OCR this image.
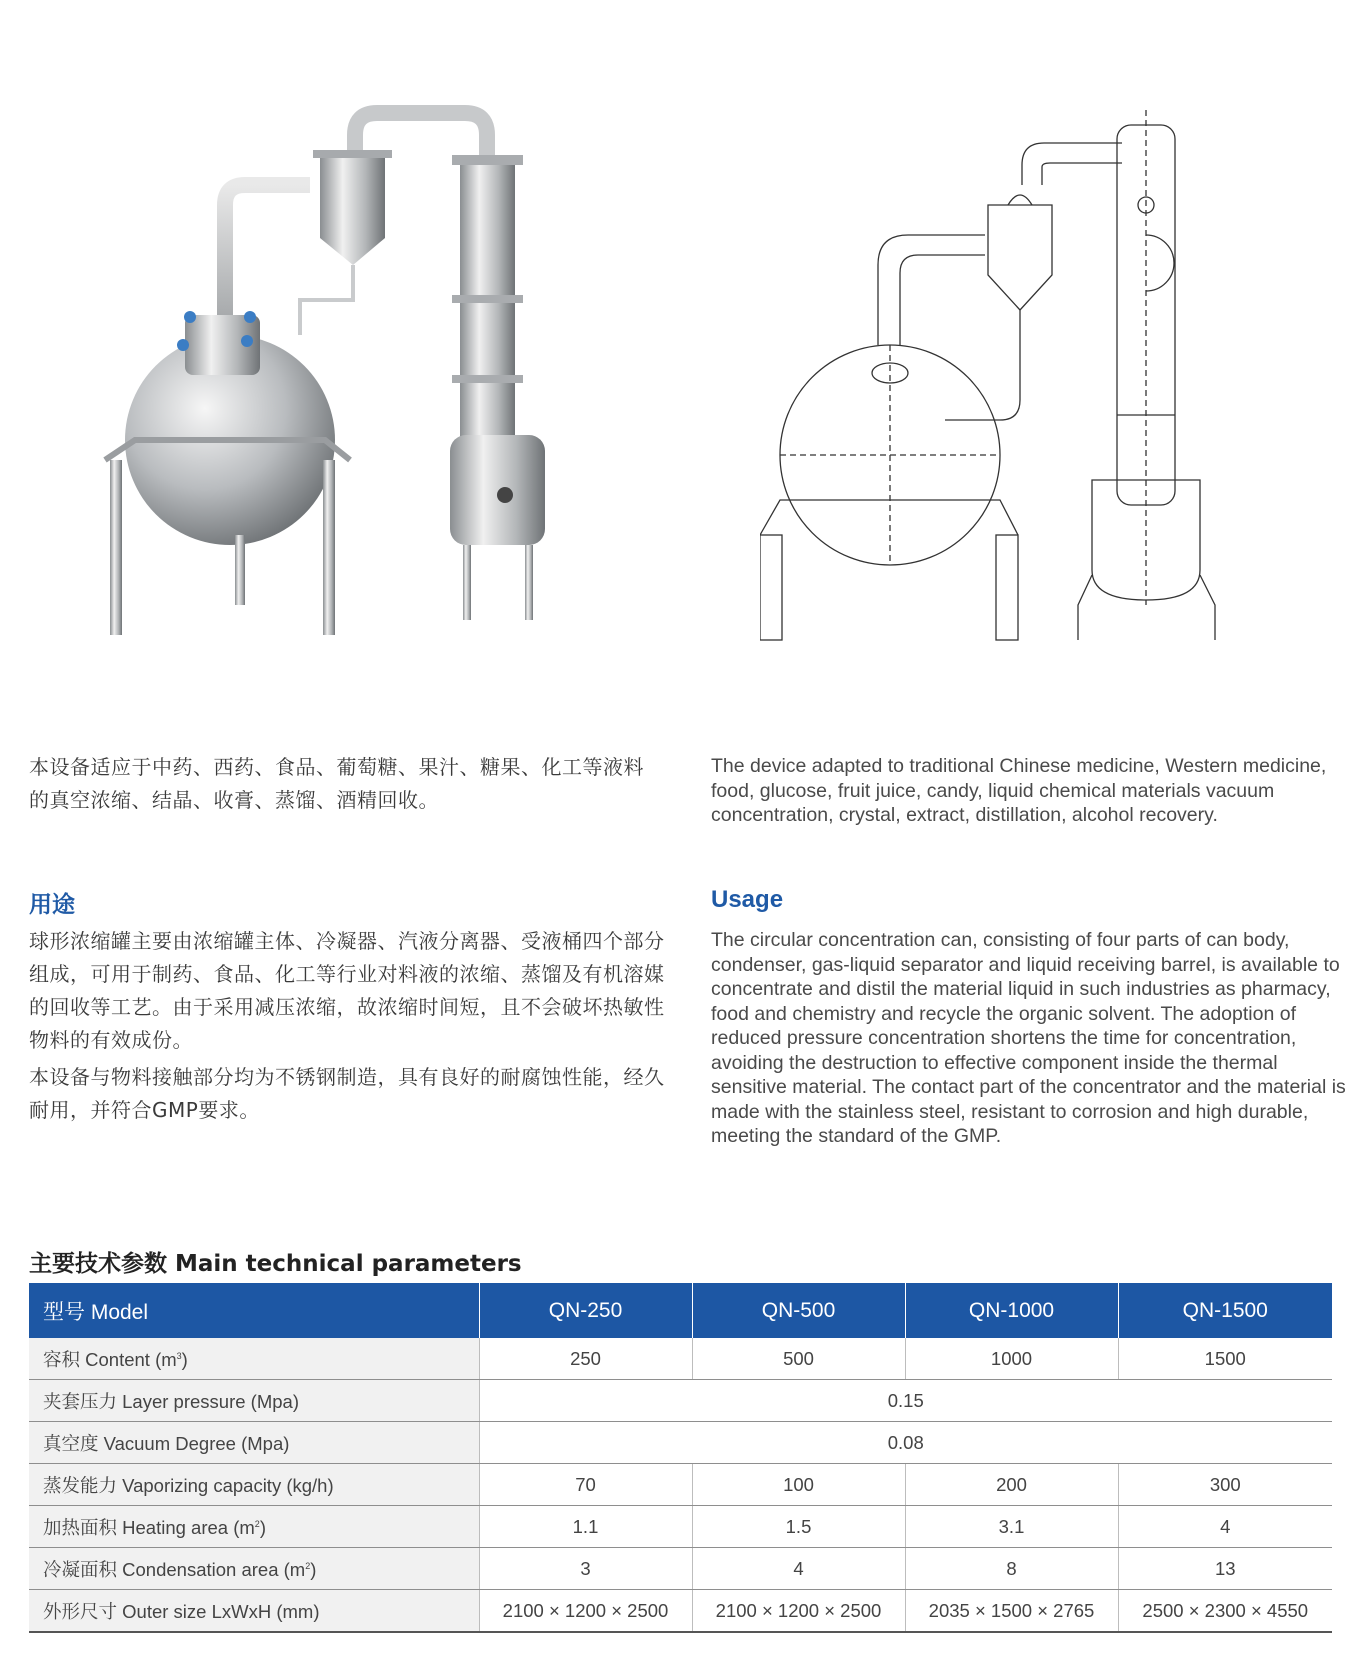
本设备适应于中药、西药、食品、葡萄糖、果汁、糖果、化工等液料的真空浓缩、结晶、收膏、蒸馏、酒精回收。

The device adapted to traditional Chinese medicine, Western medicine, food, glucose, fruit juice, candy, liquid chemical materials vacuum concentration, crystal, extract, distillation, alcohol recovery.

用途	Usage

球形浓缩罐主要由浓缩罐主体、冷凝器、汽液分离器、受液桶四个部分组成，可用于制药、食品、化工等行业对料液的浓缩、蒸馏及有机溶媒的回收等工艺。由于采用减压浓缩，故浓缩时间短，且不会破坏热敏性物料的有效成份。

本设备与物料接触部分均为不锈钢制造，具有良好的耐腐蚀性能，经久耐用，并符合GMP要求。

The circular concentration can, consisting of four parts of can body, condenser, gas-liquid separator and liquid receiving barrel, is available to concentrate and distil the material liquid in such industries as pharmacy, food and chemistry and recycle the organic solvent. The adoption of reduced pressure concentration shortens the time for concentration, avoiding the destruction to effective component inside the thermal sensitive material. The contact part of the concentrator and the material is made with the stainless steel, resistant to corrosion and high durable, meeting the standard of the GMP.

主要技术参数 Main technical parameters
型号 Model	QN-250	QN-500	QN-1000	QN-1500
容积 Content $(m^3)$	250	500	1000	1500
夹套压力 Layer pressure (Mpa)	0.15			
真空度 Vacuum Degree (Mpa)	0.08			
蒸发能力 Vaporizing capacity (kg/h)	70	100	200	300
加热面积 Heating area $(m^2)$	1.1	1.5	3.1	4
冷凝面积 Condensation area $(m^2)$	3	4	8	13
外形尺寸 Outer size LxWxH (mm)	2100 × 1200 × 2500	2100 × 1200 × 2500	2035 × 1500 × 2765	2500 × 2300 × 4550
